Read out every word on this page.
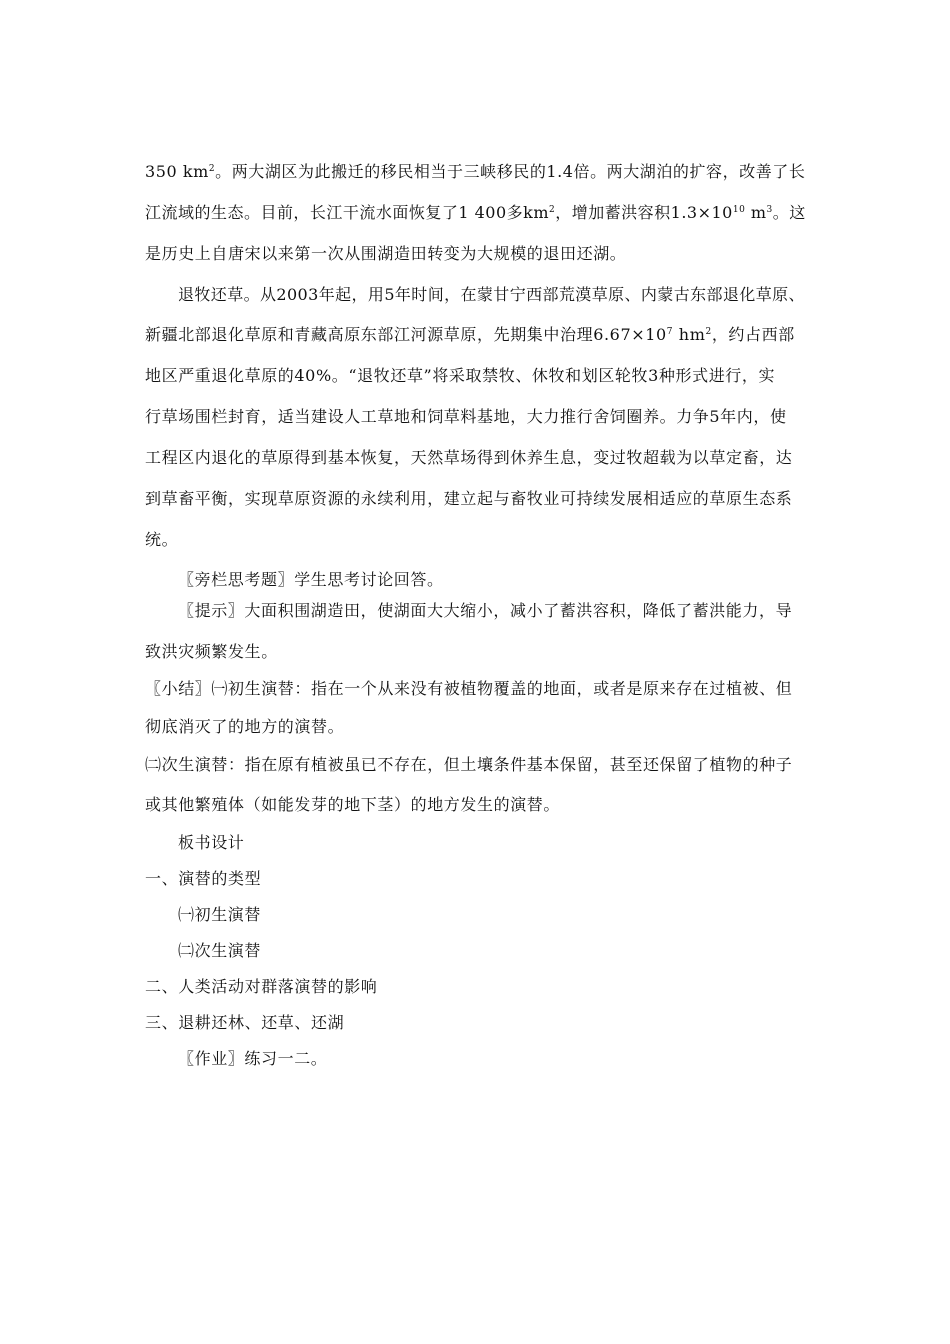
350 $km^2$。两大湖区为此搬迁的移民相当于三峡移民的1.4倍。两大湖泊的扩容，改善了长
江流域的生态。目前，长江干流水面恢复了1 400多$km^2$，增加蓄洪容积$1.3\times 10^{10}$ $m^3$。这
是历史上自唐宋以来第一次从围湖造田转变为大规模的退田还湖。
退牧还草。从2003年起，用5年时间，在蒙甘宁西部荒漠草原、内蒙古东部退化草原、
新疆北部退化草原和青藏高原东部江河源草原，先期集中治理$6.67\times 10^7$ $hm^2$，约占西部
地区严重退化草原的40%。“退牧还草”将采取禁牧、休牧和划区轮牧3种形式进行，实
行草场围栏封育，适当建设人工草地和饲草料基地，大力推行舍饲圈养。力争5年内，使
工程区内退化的草原得到基本恢复，天然草场得到休养生息，变过牧超载为以草定畜，达
到草畜平衡，实现草原资源的永续利用，建立起与畜牧业可持续发展相适应的草原生态系
统。
〖旁栏思考题〗学生思考讨论回答。
〖提示〗大面积围湖造田，使湖面大大缩小，减小了蓄洪容积，降低了蓄洪能力，导
致洪灾频繁发生。
〖小结〗㈠初生演替：指在一个从来没有被植物覆盖的地面，或者是原来存在过植被、但
彻底消灭了的地方的演替。
㈡次生演替：指在原有植被虽已不存在，但土壤条件基本保留，甚至还保留了植物的种子
或其他繁殖体（如能发芽的地下茎）的地方发生的演替。
板书设计
一、演替的类型
㈠初生演替
㈡次生演替
二、人类活动对群落演替的影响
三、退耕还林、还草、还湖
〖作业〗练习一二。
